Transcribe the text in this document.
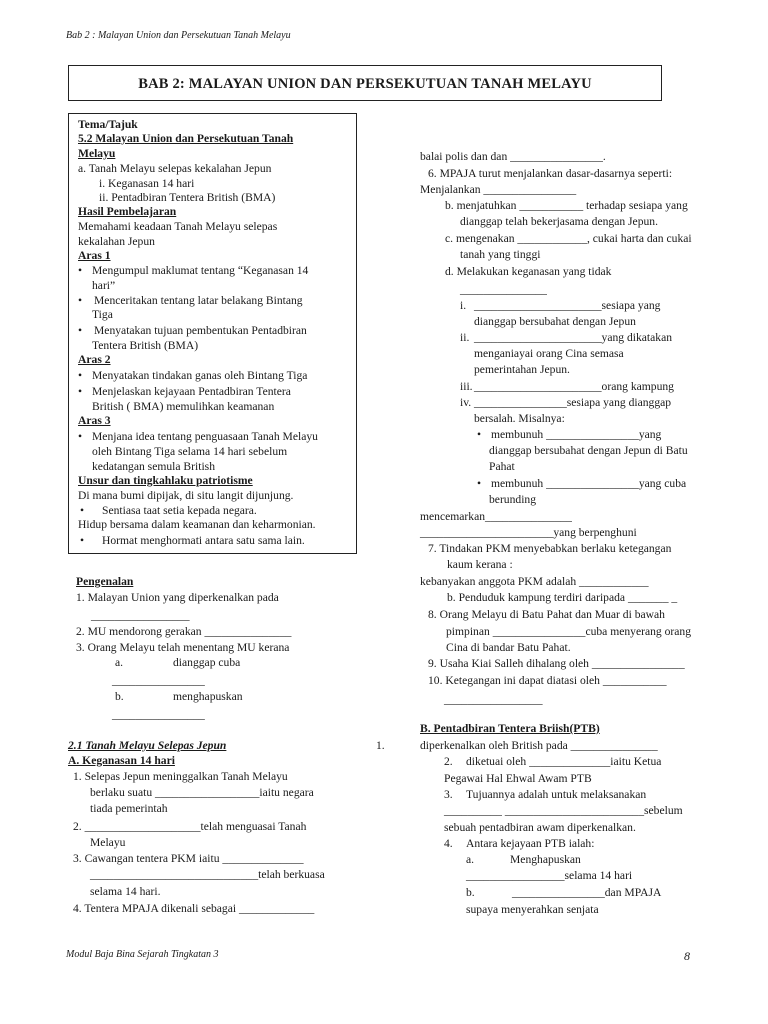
Bab 2 : Malayan Union dan Persekutuan Tanah Melayu
BAB 2: MALAYAN UNION DAN PERSEKUTUAN TANAH MELAYU
Tema/Tajuk
5.2 Malayan Union dan Persekutuan Tanah
Melayu
a. Tanah Melayu selepas kekalahan Jepun
i. Keganasan 14 hari
ii. Pentadbiran Tentera British (BMA)
Hasil Pembelajaran
Memahami keadaan Tanah Melayu selepas
kekalahan Jepun
Aras 1
• Mengumpul maklumat tentang “Keganasan 14
hari”
• Menceritakan tentang latar belakang Bintang
Tiga
• Menyatakan tujuan pembentukan Pentadbiran
Tentera British (BMA)
Aras 2
• Menyatakan tindakan ganas oleh Bintang Tiga
• Menjelaskan kejayaan Pentadbiran Tentera
British ( BMA) memulihkan keamanan
Aras 3
• Menjana idea tentang penguasaan Tanah Melayu
oleh Bintang Tiga selama 14 hari sebelum
kedatangan semula British
Unsur dan tingkahlaku patriotisme
Di mana bumi dipijak, di situ langit dijunjung.
• Sentiasa taat setia kepada negara.
Hidup bersama dalam keamanan dan keharmonian.
• Hormat menghormati antara satu sama lain.
Pengenalan
1. Malayan Union yang diperkenalkan pada
_________________
2. MU mendorong gerakan _______________
3. Orang Melayu telah menentang MU kerana
a.	dianggap cuba
________________
b.	menghapuskan
________________
2.1 Tanah Melayu Selepas Jepun
A. Keganasan 14 hari
1. Selepas Jepun meninggalkan Tanah Melayu
berlaku suatu __________________iaitu negara
tiada pemerintah
2. ____________________telah menguasai Tanah
Melayu
3. Cawangan tentera PKM iaitu ______________
_____________________________telah berkuasa
selama 14 hari.
4. Tentera MPAJA dikenali sebagai _____________
balai polis dan dan ________________.
6. MPAJA turut menjalankan dasar-dasarnya seperti:
Menjalankan ________________
b. menjatuhkan ___________ terhadap sesiapa yang
dianggap telah bekerjasama dengan Jepun.
c. mengenakan ____________, cukai harta dan cukai
tanah yang tinggi
d. Melakukan keganasan yang tidak
_______________
i. ______________________sesiapa yang
dianggap bersubahat dengan Jepun
ii. ______________________yang dikatakan
menganiayai orang Cina semasa
pemerintahan Jepun.
iii. ______________________orang kampung
iv. ________________sesiapa yang dianggap
bersalah. Misalnya:
• membunuh ________________yang
dianggap bersubahat dengan Jepun di Batu
Pahat
• membunuh ________________yang cuba
berunding
mencemarkan_______________
_______________________yang berpenghuni
7. Tindakan PKM menyebabkan berlaku ketegangan
kaum kerana :
kebanyakan anggota PKM adalah ____________
b. Penduduk kampung terdiri daripada _______ _
8. Orang Melayu di Batu Pahat dan Muar di bawah
pimpinan ________________cuba menyerang orang
Cina di bandar Batu Pahat.
9. Usaha Kiai Salleh dihalang oleh ________________
10. Ketegangan ini dapat diatasi oleh ___________
_________________
B. Pentadbiran Tentera Briish(PTB)
1.	diperkenalkan oleh British pada _______________
2. diketuai oleh ______________iaitu Ketua
Pegawai Hal Ehwal Awam PTB
3. Tujuannya adalah untuk melaksanakan
__________ ________________________sebelum
sebuah pentadbiran awam diperkenalkan.
4. Antara kejayaan PTB ialah:
a.	Menghapuskan
_________________selama 14 hari
b.	________________dan MPAJA
supaya menyerahkan senjata
Modul Baja Bina Sejarah Tingkatan 3	8
